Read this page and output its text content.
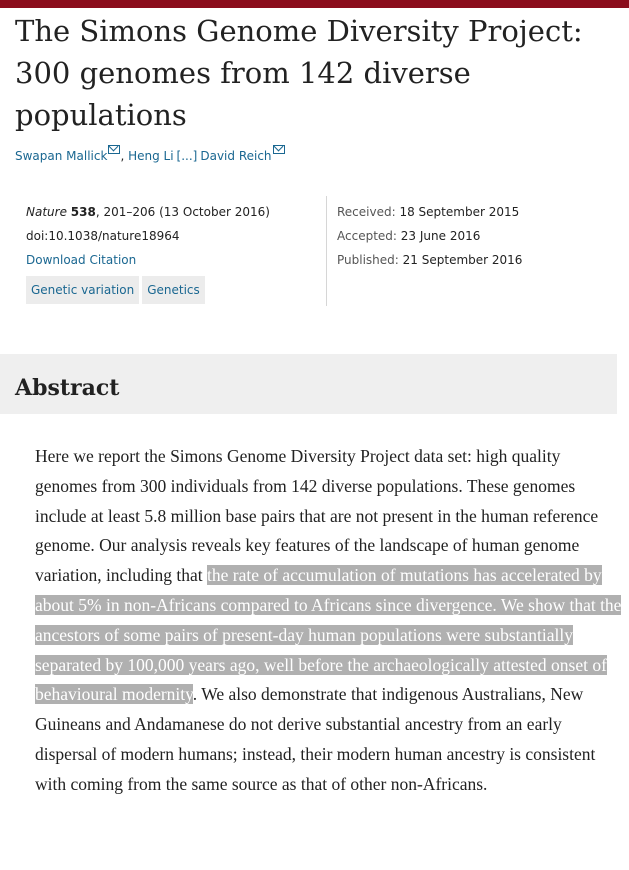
The Simons Genome Diversity Project: 300 genomes from 142 diverse populations
Swapan Mallick , Heng Li [...] David Reich
Nature 538, 201–206 (13 October 2016)
doi:10.1038/nature18964
Download Citation
Received: 18 September 2015
Accepted: 23 June 2016
Published: 21 September 2016
Genetic variation	Genetics
Abstract

Here we report the Simons Genome Diversity Project data set: high quality genomes from 300 individuals from 142 diverse populations. These genomes include at least 5.8 million base pairs that are not present in the human reference genome. Our analysis reveals key features of the landscape of human genome variation, including that the rate of accumulation of mutations has accelerated by about 5% in non-Africans compared to Africans since divergence. We show that the ancestors of some pairs of present-day human populations were substantially separated by 100,000 years ago, well before the archaeologically attested onset of behavioural modernity. We also demonstrate that indigenous Australians, New Guineans and Andamanese do not derive substantial ancestry from an early dispersal of modern humans; instead, their modern human ancestry is consistent with coming from the same source as that of other non-Africans.
